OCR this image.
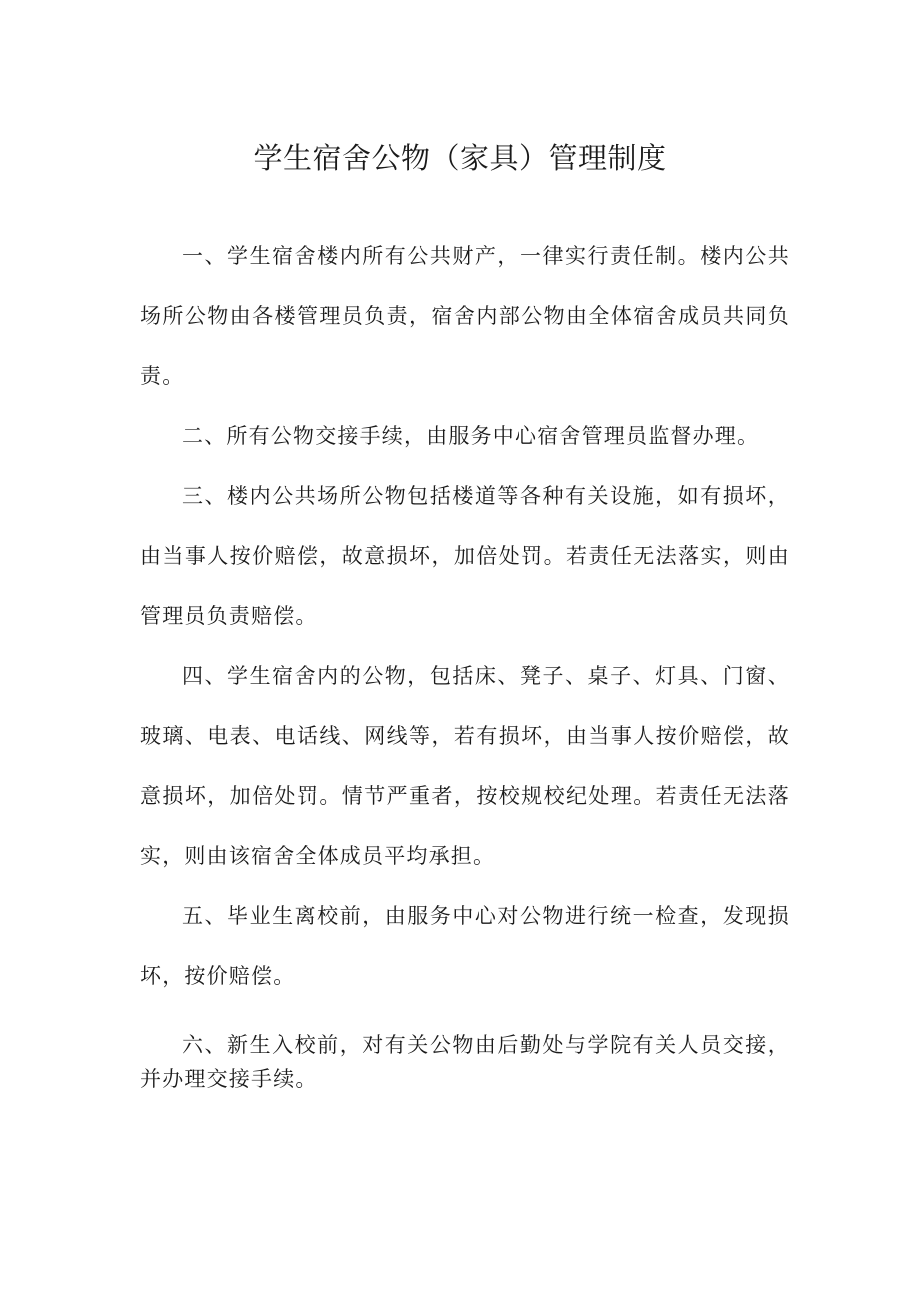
学生宿舍公物（家具）管理制度

一、学生宿舍楼内所有公共财产，一律实行责任制。楼内公共场所公物由各楼管理员负责，宿舍内部公物由全体宿舍成员共同负责。

二、所有公物交接手续，由服务中心宿舍管理员监督办理。

三、楼内公共场所公物包括楼道等各种有关设施，如有损坏，由当事人按价赔偿，故意损坏，加倍处罚。若责任无法落实，则由管理员负责赔偿。

四、学生宿舍内的公物，包括床、凳子、桌子、灯具、门窗、玻璃、电表、电话线、网线等，若有损坏，由当事人按价赔偿，故意损坏，加倍处罚。情节严重者，按校规校纪处理。若责任无法落实，则由该宿舍全体成员平均承担。

五、毕业生离校前，由服务中心对公物进行统一检查，发现损坏，按价赔偿。

六、新生入校前，对有关公物由后勤处与学院有关人员交接，并办理交接手续。
